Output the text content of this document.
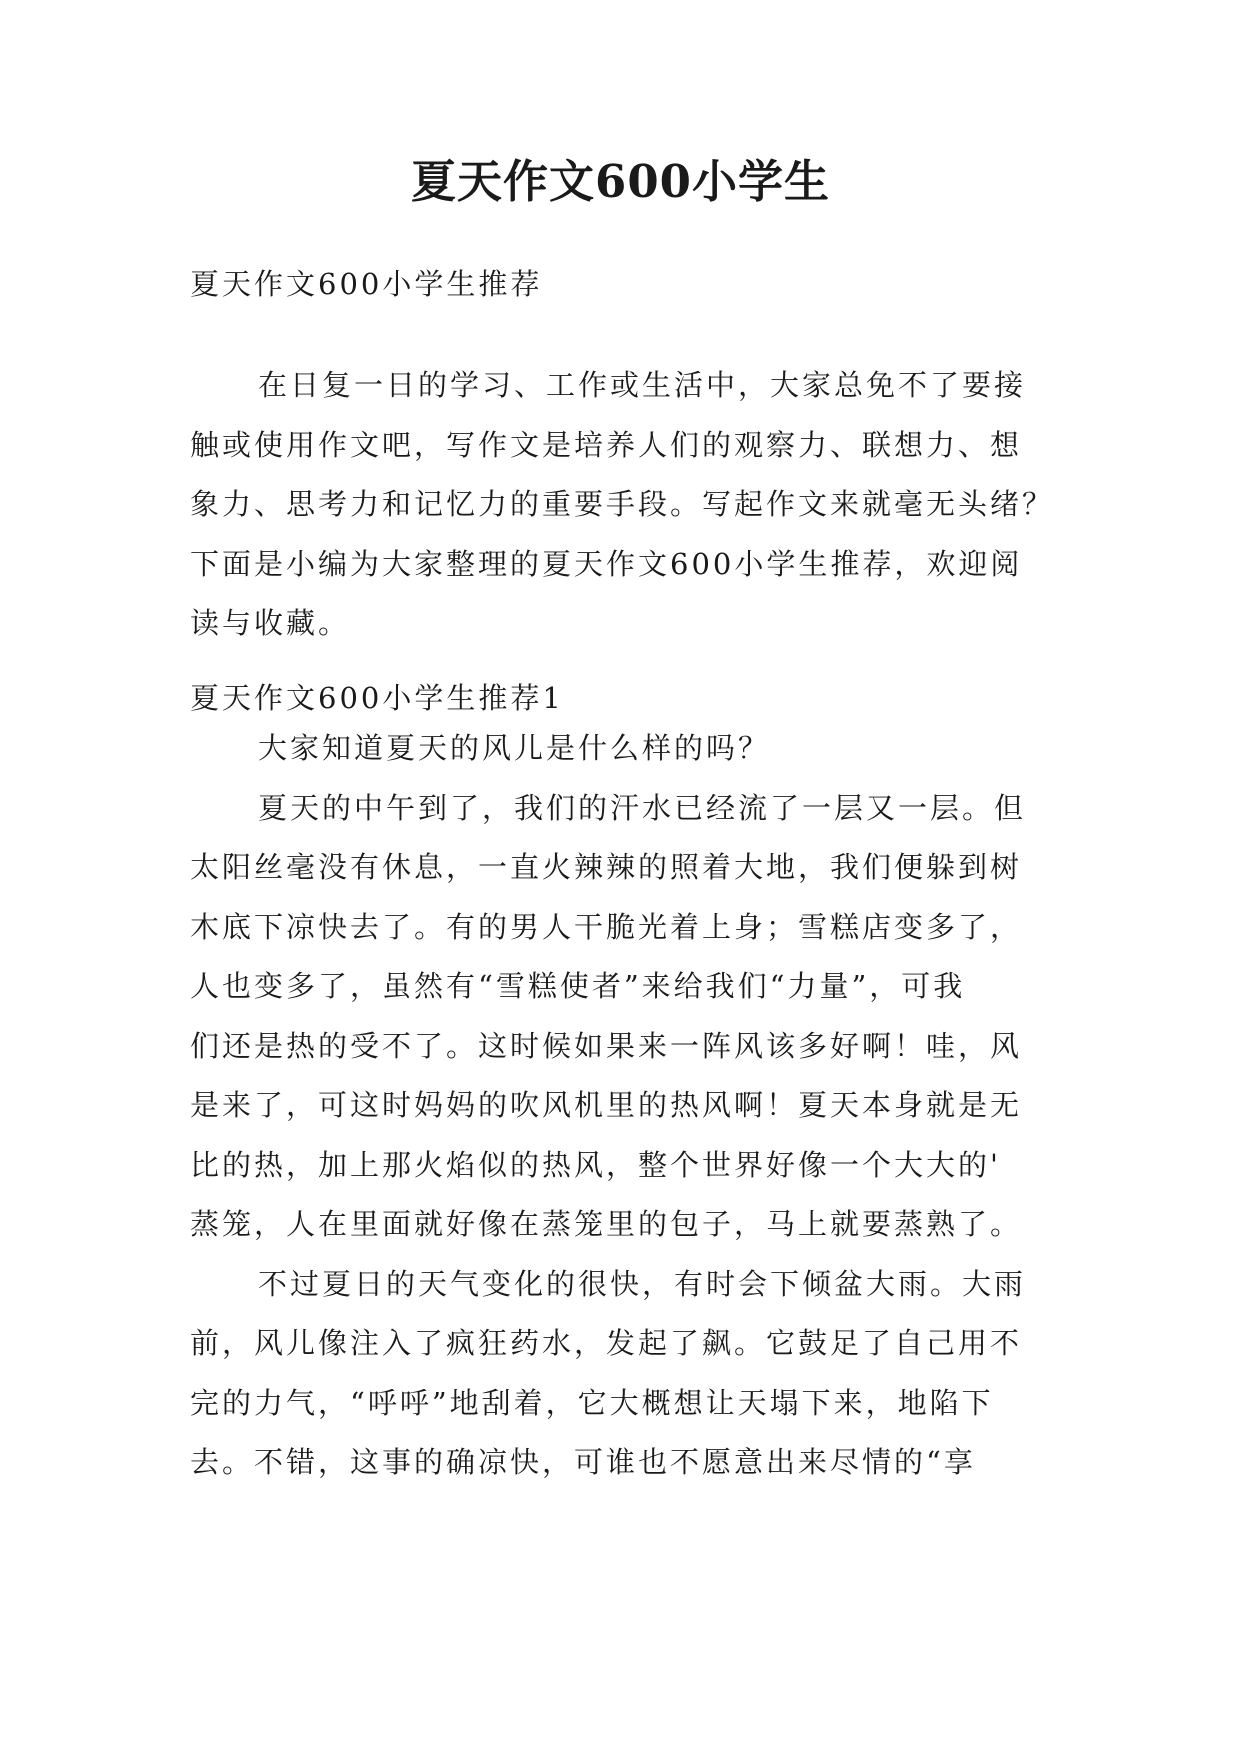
夏天作文600小学生

夏天作文600小学生推荐

在日复一日的学习、工作或生活中，大家总免不了要接
触或使用作文吧，写作文是培养人们的观察力、联想力、想
象力、思考力和记忆力的重要手段。写起作文来就毫无头绪？
下面是小编为大家整理的夏天作文600小学生推荐，欢迎阅
读与收藏。

夏天作文600小学生推荐1

大家知道夏天的风儿是什么样的吗？
夏天的中午到了，我们的汗水已经流了一层又一层。但
太阳丝毫没有休息，一直火辣辣的照着大地，我们便躲到树
木底下凉快去了。有的男人干脆光着上身；雪糕店变多了，
人也变多了，虽然有“雪糕使者”来给我们“力量”，可我
们还是热的受不了。这时候如果来一阵风该多好啊！哇，风
是来了，可这时妈妈的吹风机里的热风啊！夏天本身就是无
比的热，加上那火焰似的热风，整个世界好像一个大大的'
蒸笼，人在里面就好像在蒸笼里的包子，马上就要蒸熟了。
不过夏日的天气变化的很快，有时会下倾盆大雨。大雨
前，风儿像注入了疯狂药水，发起了飙。它鼓足了自己用不
完的力气，“呼呼”地刮着，它大概想让天塌下来，地陷下
去。不错，这事的确凉快，可谁也不愿意出来尽情的“享
